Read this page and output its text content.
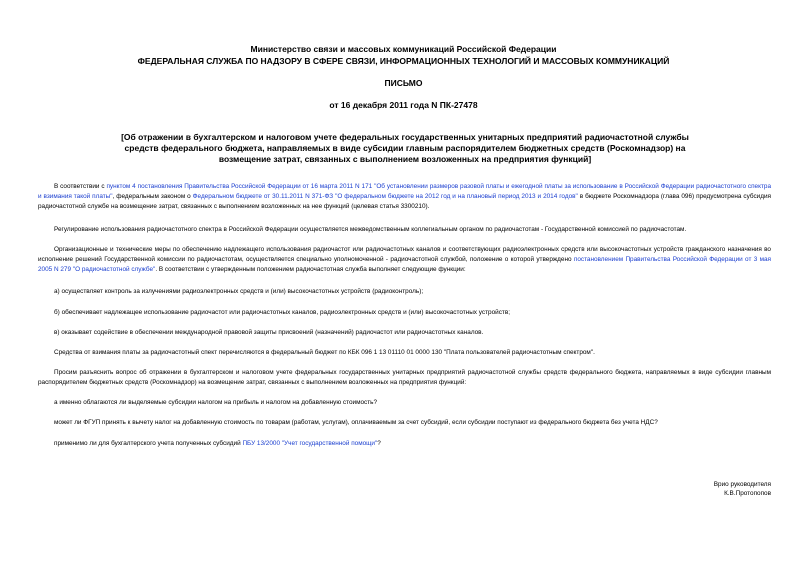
Министерство связи и массовых коммуникаций Российской Федерации
ФЕДЕРАЛЬНАЯ СЛУЖБА ПО НАДЗОРУ В СФЕРЕ СВЯЗИ, ИНФОРМАЦИОННЫХ ТЕХНОЛОГИЙ И МАССОВЫХ КОММУНИКАЦИЙ
ПИСЬМО
от 16 декабря 2011 года N ПК-27478
[Об отражении в бухгалтерском и налоговом учете федеральных государственных унитарных предприятий радиочастотной службы средств федерального бюджета, направляемых в виде субсидии главным распорядителем бюджетных средств (Роскомнадзор) на возмещение затрат, связанных с выполнением возложенных на предприятия функций]
В соответствии с пунктом 4 постановления Правительства Российской Федерации от 16 марта 2011 N 171 "Об установлении размеров разовой платы и ежегодной платы за использование в Российской Федерации радиочастотного спектра и взимания такой платы", федеральным законом о Федеральном бюджете от 30.11.2011 N 371-ФЗ "О федеральном бюджете на 2012 год и на плановый период 2013 и 2014 годов" в бюджете Роскомнадзора (глава 096) предусмотрена субсидия радиочастотной службе на возмещение затрат, связанных с выполнением возложенных на нее функций (целевая статья 3300210).
Регулирование использования радиочастотного спектра в Российской Федерации осуществляется межведомственным коллегиальным органом по радиочастотам - Государственной комиссией по радиочастотам.
Организационные и технические меры по обеспечению надлежащего использования радиочастот или радиочастотных каналов и соответствующих радиоэлектронных средств или высокочастотных устройств гражданского назначения во исполнение решений Государственной комиссии по радиочастотам, осуществляется специально уполномоченной - радиочастотной службой, положение о которой утверждено постановлением Правительства Российской Федерации от 3 мая 2005 N 279 "О радиочастотной службе". В соответствии с утвержденным положением радиочастотная служба выполняет следующие функции:
а) осуществляет контроль за излучениями радиоэлектронных средств и (или) высокочастотных устройств (радиоконтроль);
б) обеспечивает надлежащее использование радиочастот или радиочастотных каналов, радиоэлектронных средств и (или) высокочастотных устройств;
в) оказывает содействие в обеспечении международной правовой защиты присвоений (назначений) радиочастот или радиочастотных каналов.
Средства от взимания платы за радиочастотный спект перечисляются в федеральный бюджет по КБК 096 1 13 01110 01 0000 130 "Плата пользователей радиочастотным спектром".
Просим разъяснить вопрос об отражении в бухгалтерском и налоговом учете федеральных государственных унитарных предприятий радиочастотной службы средств федерального бюджета, направляемых в виде субсидии главным распорядителем бюджетных средств (Роскомнадзор) на возмещение затрат, связанных с выполнением возложенных на предприятия функций:
а именно облагаются ли выделяемые субсидии налогом на прибыль и налогом на добавленную стоимость?
может ли ФГУП принять к вычету налог на добавленную стоимость по товарам (работам, услугам), оплачиваемым за счет субсидий, если субсидии поступают из федерального бюджета без учета НДС?
применимо ли для бухгалтерского учета полученных субсидий ПБУ 13/2000 "Учет государственной помощи"?
Врио руководителя
К.В.Протопопов
